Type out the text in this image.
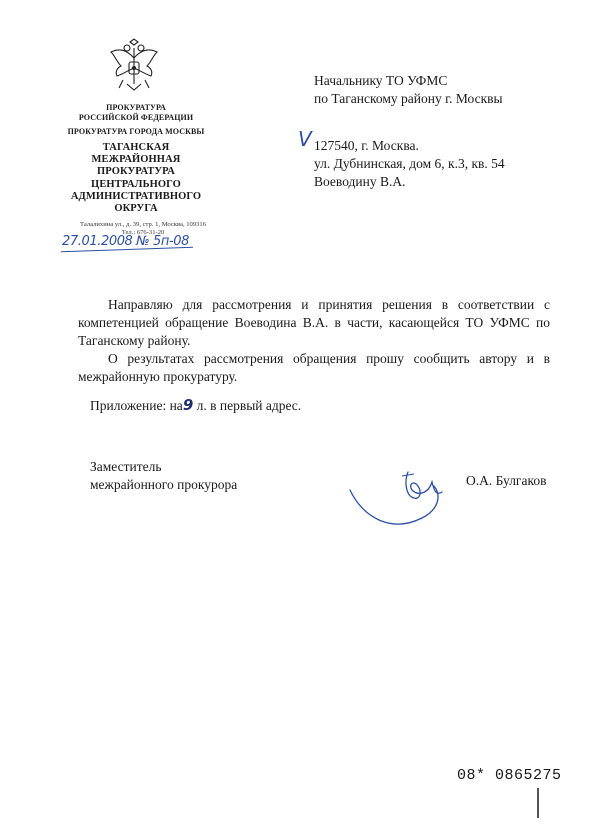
ПРОКУРАТУРА
РОССИЙСКОЙ ФЕДЕРАЦИИ
ПРОКУРАТУРА ГОРОДА МОСКВЫ
ТАГАНСКАЯ
МЕЖРАЙОННАЯ
ПРОКУРАТУРА
ЦЕНТРАЛЬНОГО
АДМИНИСТРАТИВНОГО
ОКРУГА
Талалихина ул., д. 39, стр. 1, Москва, 109316
Тел.: 676-31-20
27.01.2008 № 5п-08
Начальнику ТО УФМС
по Таганскому району г. Москвы
V 127540, г. Москва.
ул. Дубнинская, дом 6, к.3, кв. 54
Воеводину В.А.
Направляю для рассмотрения и принятия решения в соответствии с компетенцией обращение Воеводина В.А. в части, касающейся ТО УФМС по Таганскому району.
О результатах рассмотрения обращения прошу сообщить автору и в межрайонную прокуратуру.
Приложение: на9 л. в первый адрес.
Заместитель
межрайонного прокурора	О.А. Булгаков
08* 0865275
